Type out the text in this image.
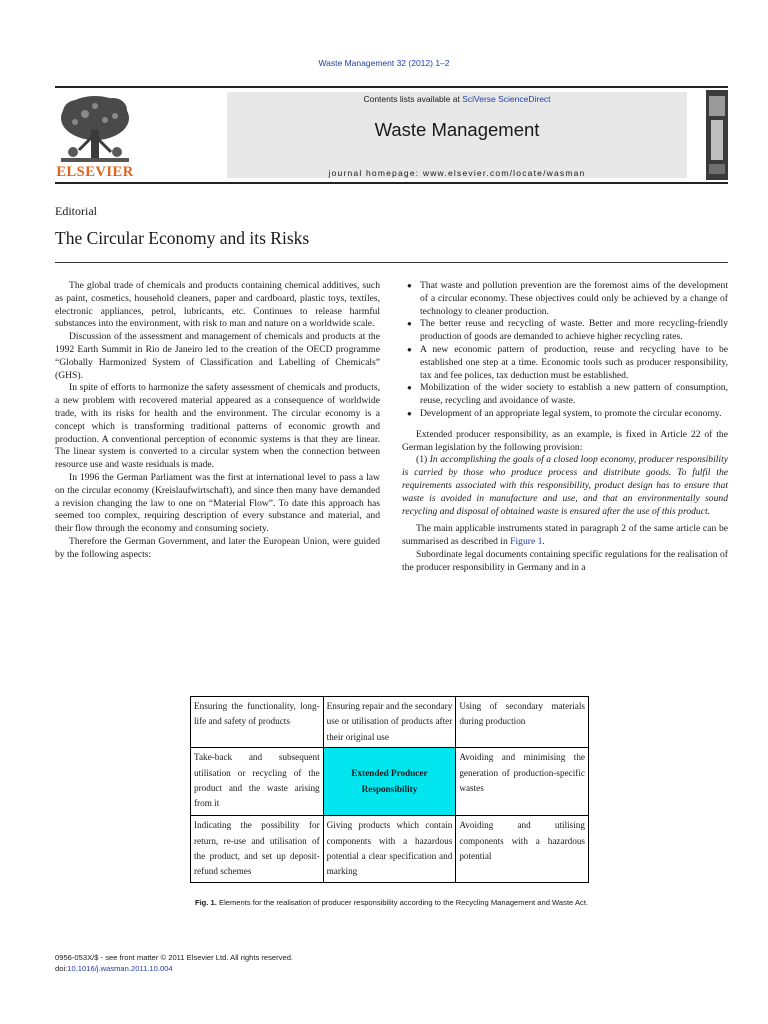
Waste Management 32 (2012) 1–2
ELSEVIER
Contents lists available at SciVerse ScienceDirect
Waste Management
journal homepage: www.elsevier.com/locate/wasman
Editorial
The Circular Economy and its Risks

The global trade of chemicals and products containing chemical additives, such as paint, cosmetics, household cleaners, paper and cardboard, plastic toys, textiles, electronic appliances, petrol, lubricants, etc. Continues to release harmful substances into the environment, with risk to man and nature on a worldwide scale.

Discussion of the assessment and management of chemicals and products at the 1992 Earth Summit in Rio de Janeiro led to the creation of the OECD programme “Globally Harmonized System of Classification and Labelling of Chemicals” (GHS).

In spite of efforts to harmonize the safety assessment of chemicals and products, a new problem with recovered material appeared as a consequence of worldwide trade, with its risks for health and the environment. The circular economy is a concept which is transforming traditional patterns of economic growth and production. A conventional perception of economic systems is that they are linear. The linear system is converted to a circular system when the connection between resource use and waste residuals is made.

In 1996 the German Parliament was the first at international level to pass a law on the circular economy (Kreislaufwirtschaft), and since then many have demanded a revision changing the law to one on “Material Flow”. To date this approach has seemed too complex, requiring description of every substance and material, and their flow through the economy and consuming society.

Therefore the German Government, and later the European Union, were guided by the following aspects:

● That waste and pollution prevention are the foremost aims of the development of a circular economy. These objectives could only be achieved by a change of technology to cleaner production.
● The better reuse and recycling of waste. Better and more recycling-friendly production of goods are demanded to achieve higher recycling rates.
● A new economic pattern of production, reuse and recycling have to be established one step at a time. Economic tools such as producer responsibility, tax and fee polices, tax deduction must be established.
● Mobilization of the wider society to establish a new pattern of consumption, reuse, recycling and avoidance of waste.
● Development of an appropriate legal system, to promote the circular economy.

Extended producer responsibility, as an example, is fixed in Article 22 of the German legislation by the following provision:

(1) In accomplishing the goals of a closed loop economy, producer responsibility is carried by those who produce process and distribute goods. To fulfil the requirements associated with this responsibility, product design has to ensure that waste is avoided in manufacture and use, and that an environmentally sound recycling and disposal of obtained waste is ensured after the use of this product.

The main applicable instruments stated in paragraph 2 of the same article can be summarised as described in Figure 1.

Subordinate legal documents containing specific regulations for the realisation of the producer responsibility in Germany and in a

Ensuring the functionality, long-life and safety of products	Ensuring repair and the secondary use or utilisation of products after their original use	Using of secondary materials during production
Take-back and subsequent utilisation or recycling of the product and the waste arising from it	Extended Producer Responsibility	Avoiding and minimising the generation of production-specific wastes
Indicating the possibility for return, re-use and utilisation of the product, and set up deposit-refund schemes	Giving products which contain components with a hazardous potential a clear specification and marking	Avoiding and utilising components with a hazardous potential
Fig. 1. Elements for the realisation of producer responsibility according to the Recycling Management and Waste Act.
0956-053X/$ - see front matter © 2011 Elsevier Ltd. All rights reserved.
doi:10.1016/j.wasman.2011.10.004
